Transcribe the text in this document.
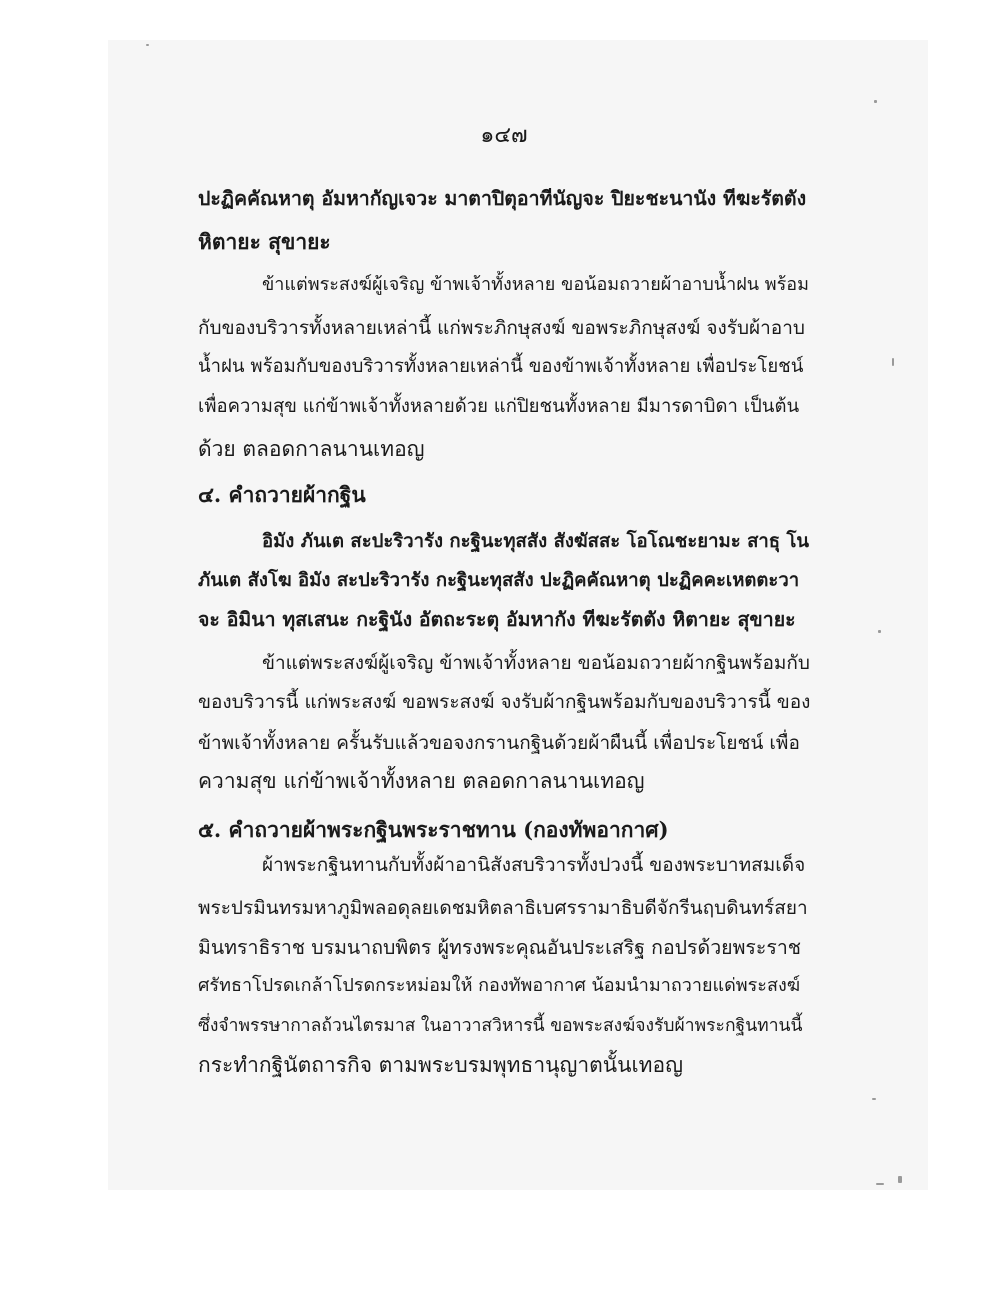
๑๔๗
ปะฏิคคัณหาตุ อัมหากัญเจวะ มาตาปิตุอาทีนัญจะ ปิยะชะนานัง ทีฆะรัตตัง
หิตายะ สุขายะ
ข้าแต่พระสงฆ์ผู้เจริญ ข้าพเจ้าทั้งหลาย ขอน้อมถวายผ้าอาบน้ำฝน พร้อม
กับของบริวารทั้งหลายเหล่านี้ แก่พระภิกษุสงฆ์ ขอพระภิกษุสงฆ์ จงรับผ้าอาบ
น้ำฝน พร้อมกับของบริวารทั้งหลายเหล่านี้ ของข้าพเจ้าทั้งหลาย เพื่อประโยชน์
เพื่อความสุข แก่ข้าพเจ้าทั้งหลายด้วย แก่ปิยชนทั้งหลาย มีมารดาบิดา เป็นต้น
ด้วย ตลอดกาลนานเทอญ
๔. คำถวายผ้ากฐิน
อิมัง ภันเต สะปะริวารัง กะฐินะทุสสัง สังฆัสสะ โอโณชะยามะ สาธุ โน
ภันเต สังโฆ อิมัง สะปะริวารัง กะฐินะทุสสัง ปะฏิคคัณหาตุ ปะฏิคคะเหตตะวา
จะ อิมินา ทุสเสนะ กะฐินัง อัตถะระตุ อัมหากัง ทีฆะรัตตัง หิตายะ สุขายะ
ข้าแต่พระสงฆ์ผู้เจริญ ข้าพเจ้าทั้งหลาย ขอน้อมถวายผ้ากฐินพร้อมกับ
ของบริวารนี้ แก่พระสงฆ์ ขอพระสงฆ์ จงรับผ้ากฐินพร้อมกับของบริวารนี้ ของ
ข้าพเจ้าทั้งหลาย ครั้นรับแล้วขอจงกรานกฐินด้วยผ้าผืนนี้ เพื่อประโยชน์ เพื่อ
ความสุข แก่ข้าพเจ้าทั้งหลาย ตลอดกาลนานเทอญ
๕. คำถวายผ้าพระกฐินพระราชทาน (กองทัพอากาศ)
ผ้าพระกฐินทานกับทั้งผ้าอานิสังสบริวารทั้งปวงนี้ ของพระบาทสมเด็จ
พระปรมินทรมหาภูมิพลอดุลยเดชมหิตลาธิเบศรรามาธิบดีจักรีนฤบดินทร์สยา
มินทราธิราช บรมนาถบพิตร ผู้ทรงพระคุณอันประเสริฐ กอปรด้วยพระราช
ศรัทธาโปรดเกล้าโปรดกระหม่อมให้ กองทัพอากาศ น้อมนำมาถวายแด่พระสงฆ์
ซึ่งจำพรรษากาลถ้วนไตรมาส ในอาวาสวิหารนี้ ขอพระสงฆ์จงรับผ้าพระกฐินทานนี้
กระทำกฐินัตถารกิจ ตามพระบรมพุทธานุญาตนั้นเทอญ
